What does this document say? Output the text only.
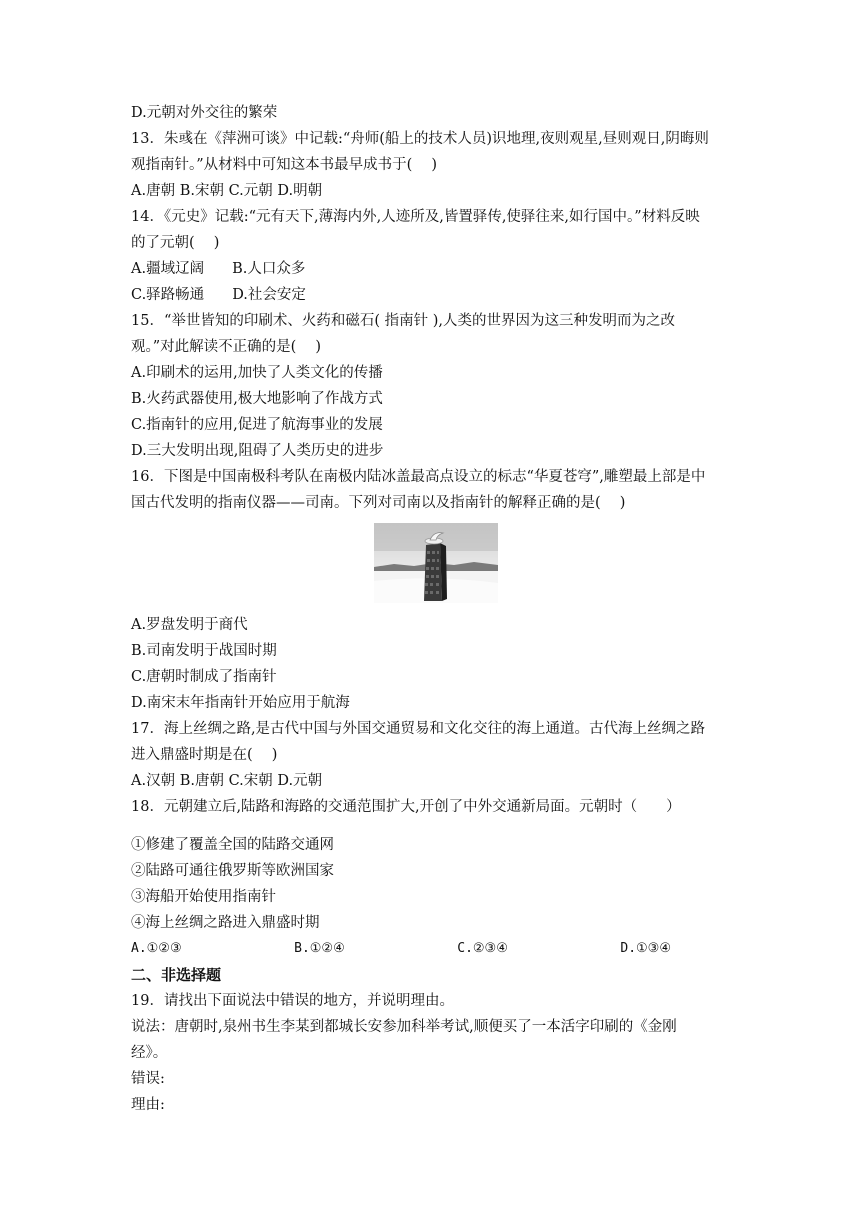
D.元朝对外交往的繁荣
13．朱彧在《萍洲可谈》中记载:“舟师(船上的技术人员)识地理,夜则观星,昼则观日,阴晦则
观指南针。”从材料中可知这本书最早成书于(　 )
A.唐朝 B.宋朝 C.元朝 D.明朝
14．《元史》记载:“元有天下,薄海内外,人迹所及,皆置驿传,使驿往来,如行国中。”材料反映
的了元朝(　 )
A.疆域辽阔 B.人口众多
C.驿路畅通 D.社会安定
15．“举世皆知的印刷术、火药和磁石( 指南针 ),人类的世界因为这三种发明而为之改
观。”对此解读不正确的是(　 )
A.印刷术的运用,加快了人类文化的传播
B.火药武器使用,极大地影响了作战方式
C.指南针的应用,促进了航海事业的发展
D.三大发明出现,阻碍了人类历史的进步
16．下图是中国南极科考队在南极内陆冰盖最高点设立的标志“华夏苍穹”,雕塑最上部是中
国古代发明的指南仪器——司南。下列对司南以及指南针的解释正确的是(　 )
A.罗盘发明于商代
B.司南发明于战国时期
C.唐朝时制成了指南针
D.南宋末年指南针开始应用于航海
17．海上丝绸之路,是古代中国与外国交通贸易和文化交往的海上通道。古代海上丝绸之路
进入鼎盛时期是在(　 )
A.汉朝 B.唐朝 C.宋朝 D.元朝
18．元朝建立后,陆路和海路的交通范围扩大,开创了中外交通新局面。元朝时（　　）
①修建了覆盖全国的陆路交通网
②陆路可通往俄罗斯等欧洲国家
③海船开始使用指南针
④海上丝绸之路进入鼎盛时期
A.①②③	B.①②④	C.②③④	D.①③④
二、非选择题
19．请找出下面说法中错误的地方，并说明理由。
说法：唐朝时,泉州书生李某到都城长安参加科举考试,顺便买了一本活字印刷的《金刚
经》。
错误:
理由:
